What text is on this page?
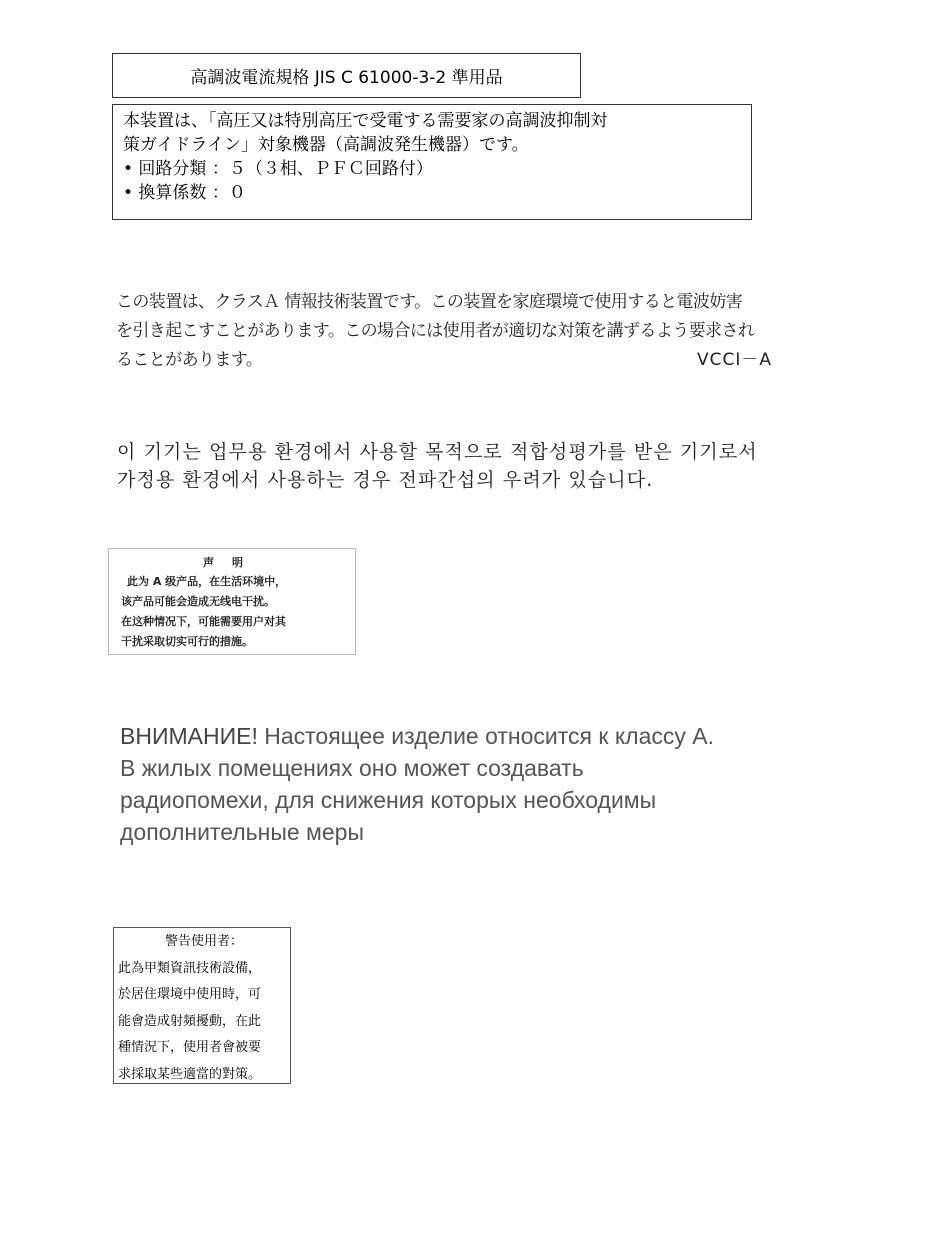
高調波電流規格 JIS C 61000-3-2 準用品

本装置は、「高圧又は特別高圧で受電する需要家の高調波抑制対

策ガイドライン」対象機器（高調波発生機器）です。

• 回路分類 ：５（３相、ＰＦＣ回路付）

• 換算係数 ：０

この装置は、クラスＡ 情報技術装置です。この装置を家庭環境で使用すると電波妨害

を引き起こすことがあります。この場合には使用者が適切な対策を講ずるよう要求され

ることがあります。	VCCI－A

이 기기는 업무용 환경에서 사용할 목적으로 적합성평가를 받은 기기로서

가정용 환경에서 사용하는 경우 전파간섭의 우려가 있습니다.

声明

此为 A 级产品，在生活环境中，

该产品可能会造成无线电干扰。

在这种情况下，可能需要用户对其

干扰采取切实可行的措施。

ВНИМАНИЕ! Настоящее изделие относится к классу А.

В жилых помещениях оно может создавать

радиопомехи, для снижения которых необходимы

дополнительные меры

警告使用者：

此為甲類資訊技術設備，

於居住環境中使用時，可

能會造成射頻擾動，在此

種情況下，使用者會被要

求採取某些適當的對策。
